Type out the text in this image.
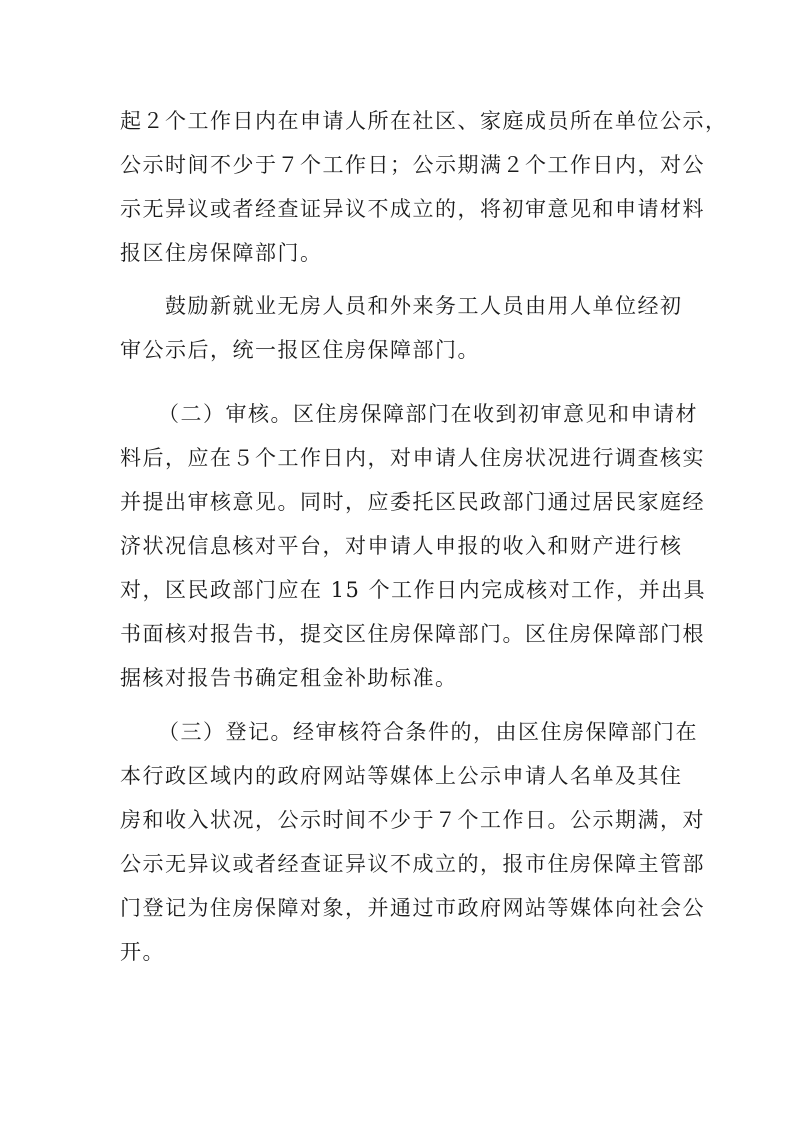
起２个工作日内在申请人所在社区、家庭成员所在单位公示，
公示时间不少于７个工作日；公示期满２个工作日内，对公
示无异议或者经查证异议不成立的，将初审意见和申请材料
报区住房保障部门。
鼓励新就业无房人员和外来务工人员由用人单位经初
审公示后，统一报区住房保障部门。
（二）审核。区住房保障部门在收到初审意见和申请材
料后，应在５个工作日内，对申请人住房状况进行调查核实
并提出审核意见。同时，应委托区民政部门通过居民家庭经
济状况信息核对平台，对申请人申报的收入和财产进行核
对，区民政部门应在 15 个工作日内完成核对工作，并出具
书面核对报告书，提交区住房保障部门。区住房保障部门根
据核对报告书确定租金补助标准。
（三）登记。经审核符合条件的，由区住房保障部门在
本行政区域内的政府网站等媒体上公示申请人名单及其住
房和收入状况，公示时间不少于７个工作日。公示期满，对
公示无异议或者经查证异议不成立的，报市住房保障主管部
门登记为住房保障对象，并通过市政府网站等媒体向社会公
开。
